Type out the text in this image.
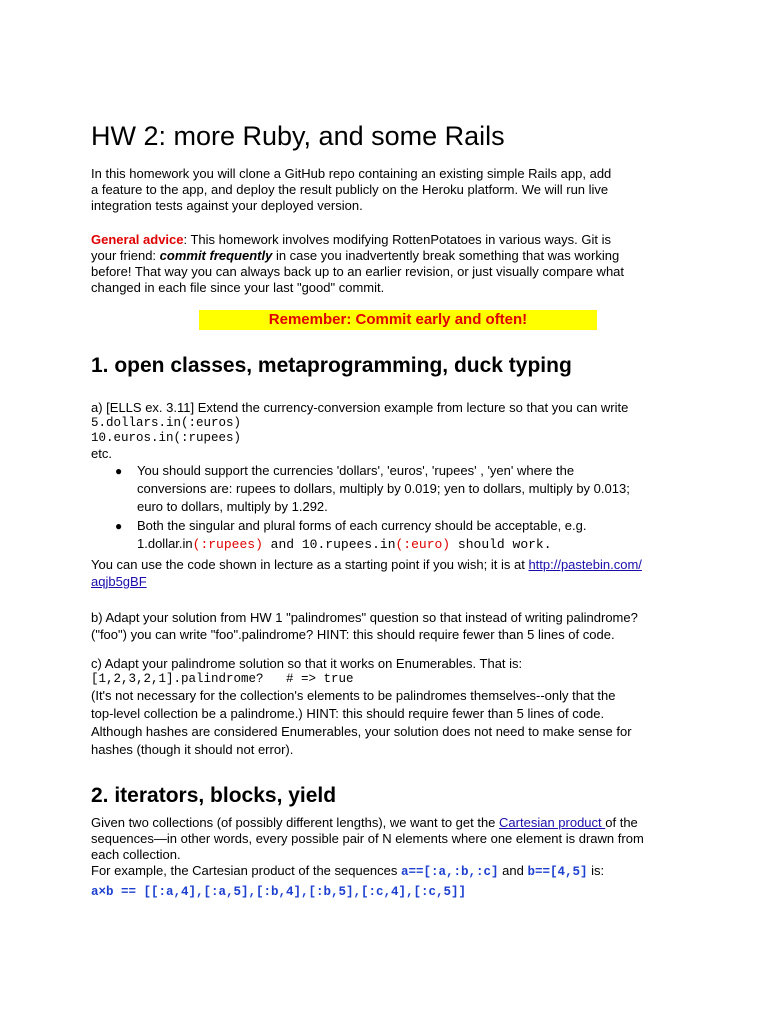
HW 2: more Ruby, and some Rails

In this homework you will clone a GitHub repo containing an existing simple Rails app, add

a feature to the app, and deploy the result publicly on the Heroku platform. We will run live

integration tests against your deployed version.

General advice: This homework involves modifying RottenPotatoes in various ways. Git is

your friend: commit frequently in case you inadvertently break something that was working

before! That way you can always back up to an earlier revision, or just visually compare what

changed in each file since your last "good" commit.

Remember: Commit early and often!
1. open classes, metaprogramming, duck typing

a) [ELLS ex. 3.11] Extend the currency-conversion example from lecture so that you can write

5.dollars.in(:euros)

10.euros.in(:rupees)

etc.

● You should support the currencies 'dollars', 'euros', 'rupees' , 'yen' where the
conversions are: rupees to dollars, multiply by 0.019; yen to dollars, multiply by 0.013;
euro to dollars, multiply by 1.292.
● Both the singular and plural forms of each currency should be acceptable, e.g.
1.dollar.in(:rupees) and 10.rupees.in(:euro) should work.

You can use the code shown in lecture as a starting point if you wish; it is at http://pastebin.com/

aqjb5gBF

b) Adapt your solution from HW 1 "palindromes" question so that instead of writing palindrome?

("foo") you can write "foo".palindrome? HINT: this should require fewer than 5 lines of code.

c) Adapt your palindrome solution so that it works on Enumerables. That is:

[1,2,3,2,1].palindrome?   # => true

(It's not necessary for the collection's elements to be palindromes themselves--only that the

top-level collection be a palindrome.) HINT: this should require fewer than 5 lines of code.

Although hashes are considered Enumerables, your solution does not need to make sense for

hashes (though it should not error).

2. iterators, blocks, yield

Given two collections (of possibly different lengths), we want to get the Cartesian product of the

sequences—in other words, every possible pair of N elements where one element is drawn from

each collection.

For example, the Cartesian product of the sequences a==[:a,:b,:c] and b==[4,5] is:

a×b == [[:a,4],[:a,5],[:b,4],[:b,5],[:c,4],[:c,5]]
